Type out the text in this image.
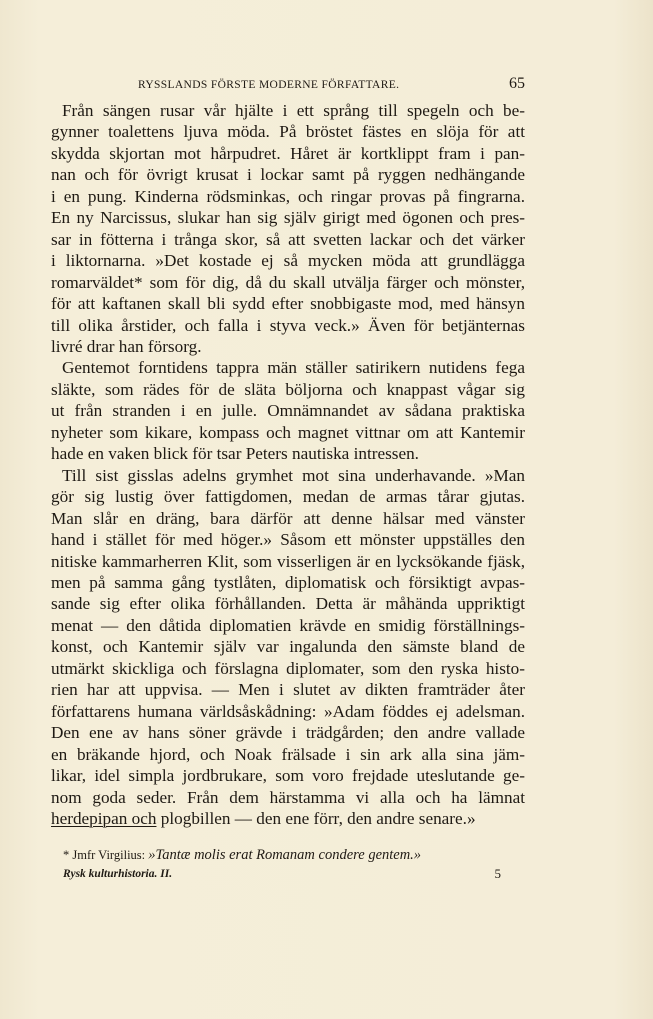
RYSSLANDS FÖRSTE MODERNE FÖRFATTARE.	65

Från sängen rusar vår hjälte i ett språng till spegeln och be-
gynner toalettens ljuva möda. På bröstet fästes en slöja för att
skydda skjortan mot hårpudret. Håret är kortklippt fram i pan-
nan och för övrigt krusat i lockar samt på ryggen nedhängande
i en pung. Kinderna rödsminkas, och ringar provas på fingrarna.
En ny Narcissus, slukar han sig själv girigt med ögonen och pres-
sar in fötterna i trånga skor, så att svetten lackar och det värker
i liktornarna. »Det kostade ej så mycken möda att grundlägga
romarväldet* som för dig, då du skall utvälja färger och mönster,
för att kaftanen skall bli sydd efter snobbigaste mod, med hänsyn
till olika årstider, och falla i styva veck.» Även för betjänternas
livré drar han försorg.

Gentemot forntidens tappra män ställer satirikern nutidens fega
släkte, som rädes för de släta böljorna och knappast vågar sig
ut från stranden i en julle. Omnämnandet av sådana praktiska
nyheter som kikare, kompass och magnet vittnar om att Kantemir
hade en vaken blick för tsar Peters nautiska intressen.

Till sist gisslas adelns grymhet mot sina underhavande. »Man
gör sig lustig över fattigdomen, medan de armas tårar gjutas.
Man slår en dräng, bara därför att denne hälsar med vänster
hand i stället för med höger.» Såsom ett mönster uppställes den
nitiske kammarherren Klit, som visserligen är en lycksökande fjäsk,
men på samma gång tystlåten, diplomatisk och försiktigt avpas-
sande sig efter olika förhållanden. Detta är måhända uppriktigt
menat — den dåtida diplomatien krävde en smidig förställnings-
konst, och Kantemir själv var ingalunda den sämste bland de
utmärkt skickliga och förslagna diplomater, som den ryska histo-
rien har att uppvisa. — Men i slutet av dikten framträder åter
författarens humana världsåskådning: »Adam föddes ej adelsman.
Den ene av hans söner grävde i trädgården; den andre vallade
en bräkande hjord, och Noak frälsade i sin ark alla sina jäm-
likar, idel simpla jordbrukare, som voro frejdade uteslutande ge-
nom goda seder. Från dem härstamma vi alla och ha lämnat
herdepipan och plogbillen — den ene förr, den andre senare.»

* Jmfr Virgilius: »Tantæ molis erat Romanam condere gentem.»
Rysk kulturhistoria. II.	5
